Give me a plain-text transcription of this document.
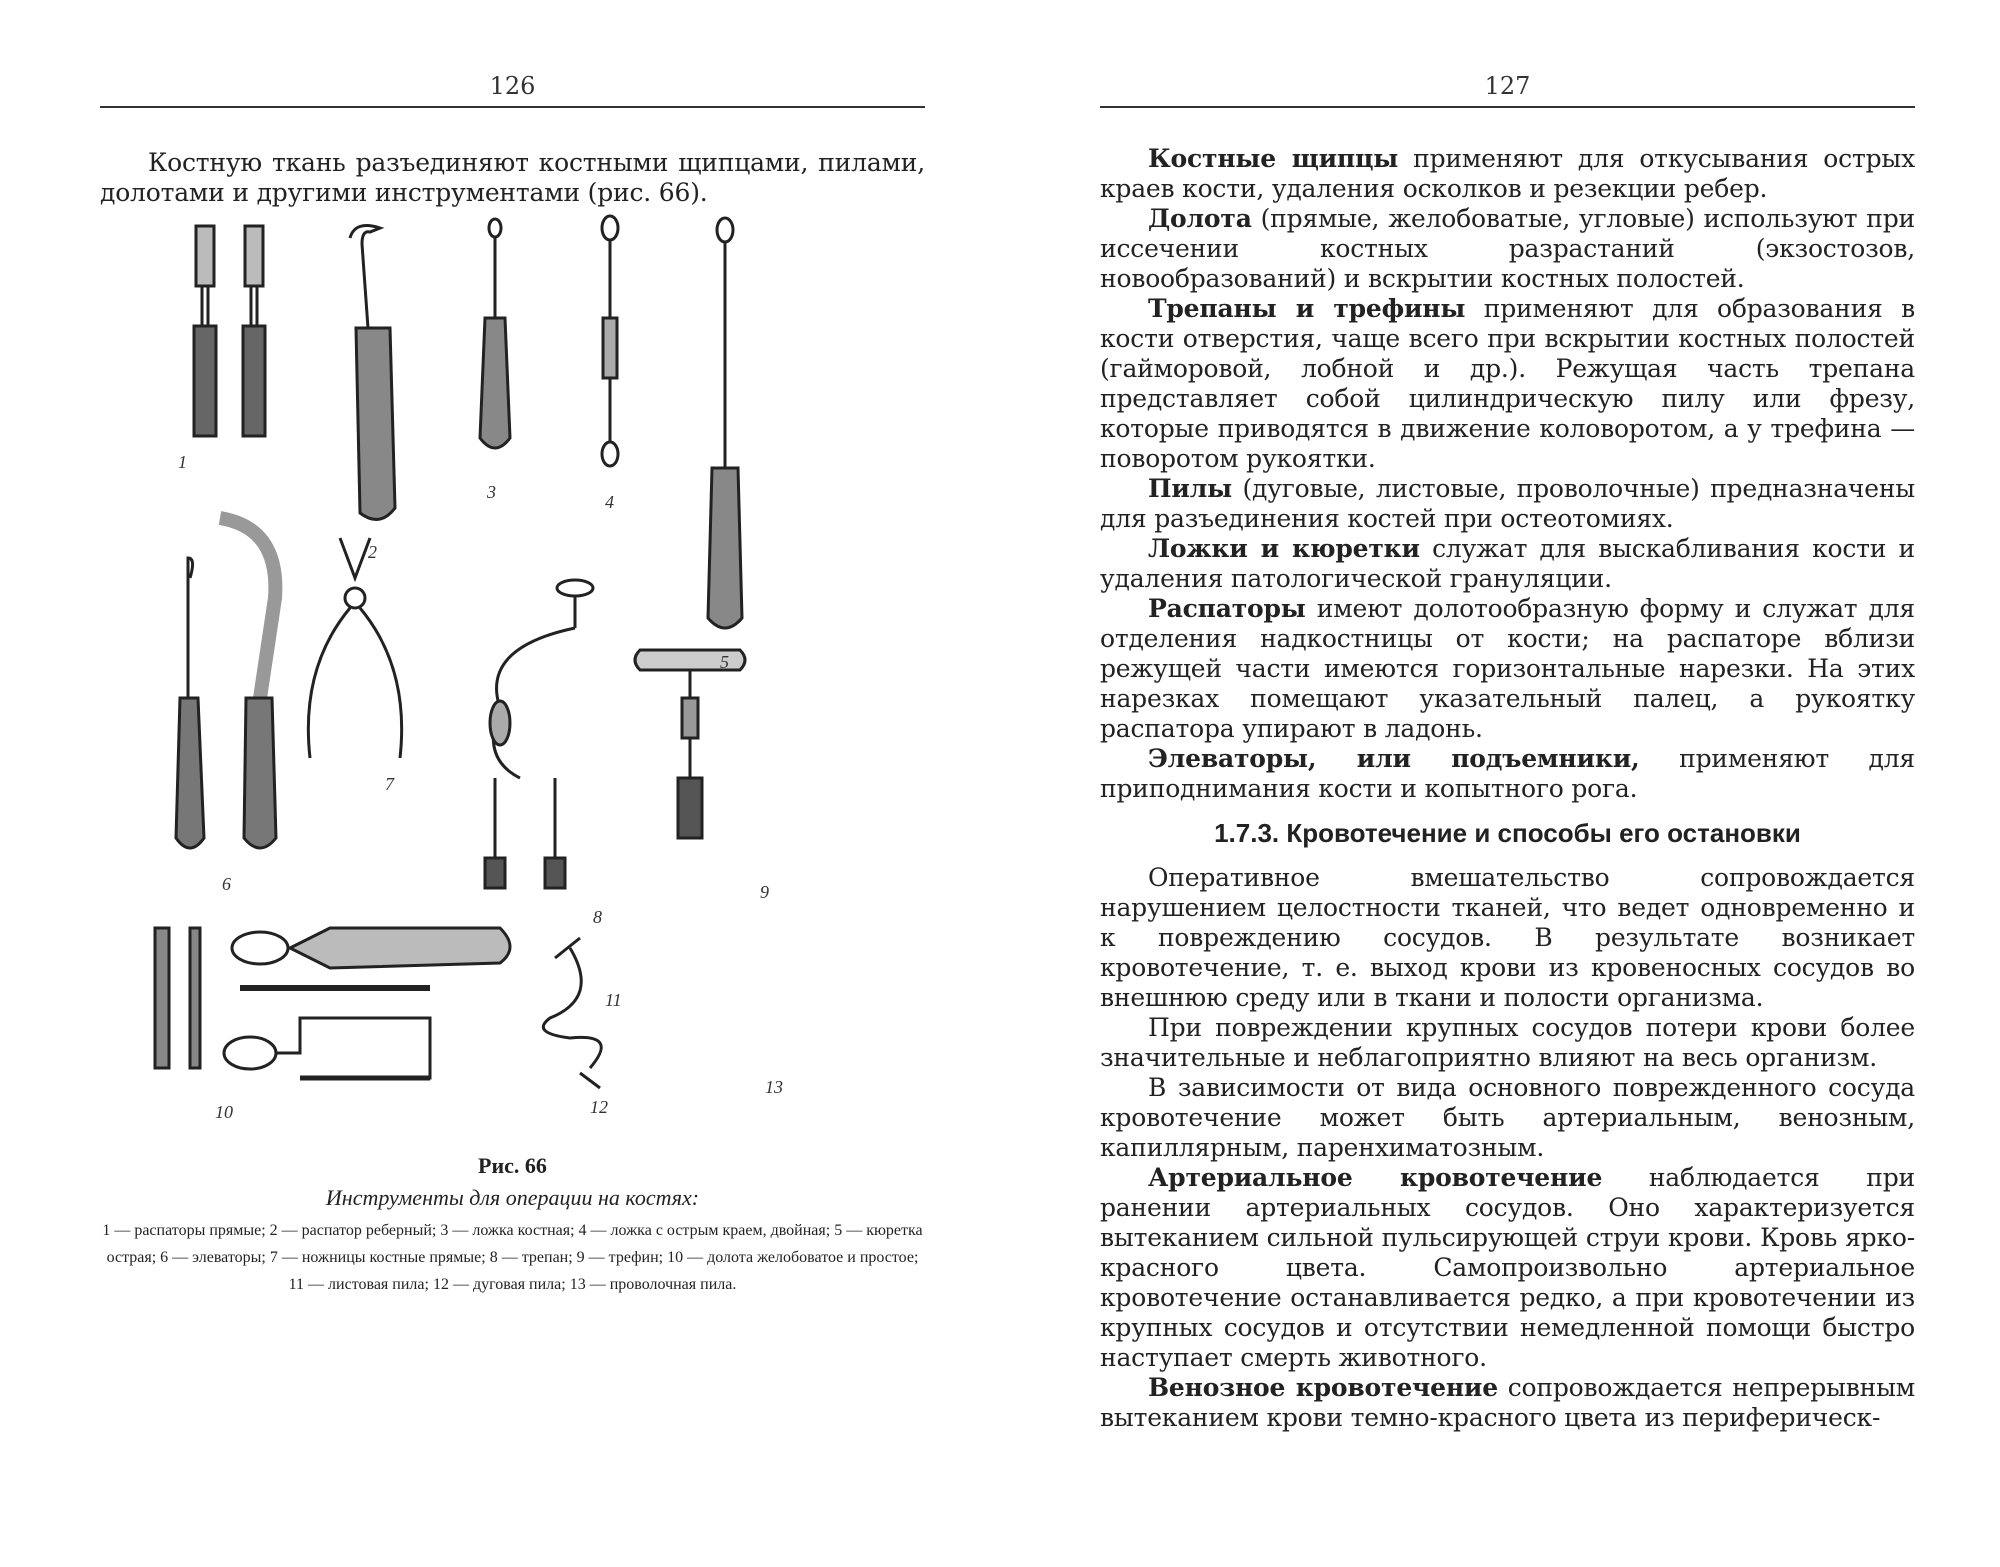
126

Костную ткань разъединяют костными щипцами, пилами, долотами и другими инструментами (рис. 66).

1
2
3	4
5
6
7
8
9
10
11
12
13
Рис. 66
Инструменты для операции на костях:
1 — распаторы прямые; 2 — распатор реберный; 3 — ложка костная; 4 — ложка с острым краем, двойная; 5 — кюретка острая; 6 — элеваторы; 7 — ножницы костные прямые; 8 — трепан; 9 — трефин; 10 — долота желобоватое и простое; 11 — листовая пила; 12 — дуговая пила; 13 — проволочная пила.
127

Костные щипцы применяют для откусывания острых краев кости, удаления осколков и резекции ребер.

Долота (прямые, желобоватые, угловые) используют при иссечении костных разрастаний (экзостозов, новообразований) и вскрытии костных полостей.

Трепаны и трефины применяют для образования в кости отверстия, чаще всего при вскрытии костных полостей (гайморовой, лобной и др.). Режущая часть трепана представляет собой цилиндрическую пилу или фрезу, которые приводятся в движение коловоротом, а у трефина — поворотом рукоятки.

Пилы (дуговые, листовые, проволочные) предназначены для разъединения костей при остеотомиях.

Ложки и кюретки служат для выскабливания кости и удаления патологической грануляции.

Распаторы имеют долотообразную форму и служат для отделения надкостницы от кости; на распаторе вблизи режущей части имеются горизонтальные нарезки. На этих нарезках помещают указательный палец, а рукоятку распатора упирают в ладонь.

Элеваторы, или подъемники, применяют для приподнимания кости и копытного рога.

1.7.3. Кровотечение и способы его остановки

Оперативное вмешательство сопровождается нарушением целостности тканей, что ведет одновременно и к повреждению сосудов. В результате возникает кровотечение, т. е. выход крови из кровеносных сосудов во внешнюю среду или в ткани и полости организма.

При повреждении крупных сосудов потери крови более значительные и неблагоприятно влияют на весь организм.

В зависимости от вида основного поврежденного сосуда кровотечение может быть артериальным, венозным, капиллярным, паренхиматозным.

Артериальное кровотечение наблюдается при ранении артериальных сосудов. Оно характеризуется вытеканием сильной пульсирующей струи крови. Кровь ярко-красного цвета. Самопроизвольно артериальное кровотечение останавливается редко, а при кровотечении из крупных сосудов и отсутствии немедленной помощи быстро наступает смерть животного.

Венозное кровотечение сопровождается непрерывным вытеканием крови темно-красного цвета из периферическ-
